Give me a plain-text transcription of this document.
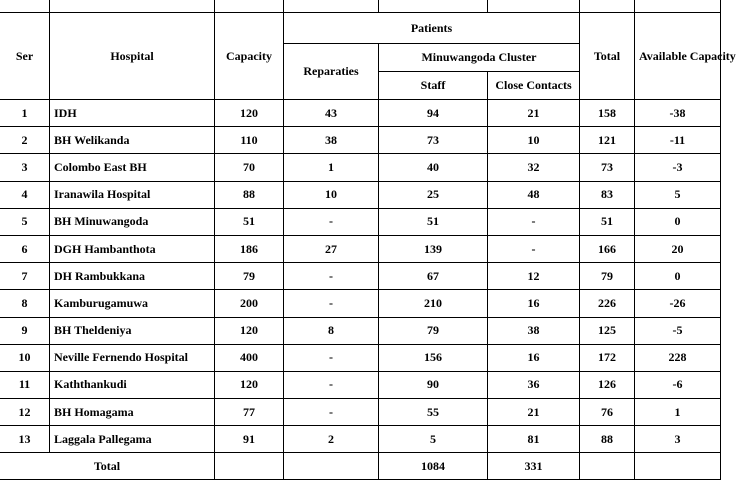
Ser	Hospital	Capacity	Patients			Total	Available Capacity
			Reparaties	Minuwangoda Cluster			
				Staff	Close Contacts		
1	IDH	120	43	94	21	158	-38
2	BH Welikanda	110	38	73	10	121	-11
3	Colombo East BH	70	1	40	32	73	-3
4	Iranawila Hospital	88	10	25	48	83	5
5	BH Minuwangoda	51	-	51	-	51	0
6	DGH Hambanthota	186	27	139	-	166	20
7	DH Rambukkana	79	-	67	12	79	0
8	Kamburugamuwa	200	-	210	16	226	-26
9	BH Theldeniya	120	8	79	38	125	-5
10	Neville Fernendo Hospital	400	-	156	16	172	228
11	Kaththankudi	120	-	90	36	126	-6
12	BH Homagama	77	-	55	21	76	1
13	Laggala Pallegama	91	2	5	81	88	3
Total				1084	331		
